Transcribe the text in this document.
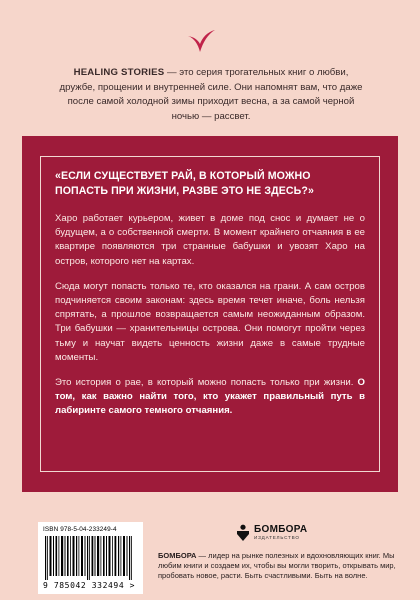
HEALING STORIES — это серия трогательных книг о любви, дружбе, прощении и внутренней силе. Они напомнят вам, что даже после самой холодной зимы приходит весна, а за самой черной ночью — рассвет.
«ЕСЛИ СУЩЕСТВУЕТ РАЙ, В КОТОРЫЙ МОЖНО ПОПАСТЬ ПРИ ЖИЗНИ, РАЗВЕ ЭТО НЕ ЗДЕСЬ?»

Харо работает курьером, живет в доме под снос и думает не о будущем, а о собственной смерти. В момент крайнего отчаяния в ее квартире появляются три странные бабушки и увозят Харо на остров, которого нет на картах.

Сюда могут попасть только те, кто оказался на грани. А сам остров подчиняется своим законам: здесь время течет иначе, боль нельзя спрятать, а прошлое возвращается самым неожиданным образом. Три бабушки — хранительницы острова. Они помогут пройти через тьму и научат видеть ценность жизни даже в самые трудные моменты.

Это история о рае, в который можно попасть только при жизни. О том, как важно найти того, кто укажет правильный путь в лабиринте самого темного отчаяния.

ISBN 978-5-04-233249-4
9 785042 332494 >
БОМБОРА
ИЗДАТЕЛЬСТВО
БОМБОРА — лидер на рынке полезных и вдохновляющих книг. Мы любим книги и создаем их, чтобы вы могли творить, открывать мир, пробовать новое, расти. Быть счастливыми. Быть на волне.
